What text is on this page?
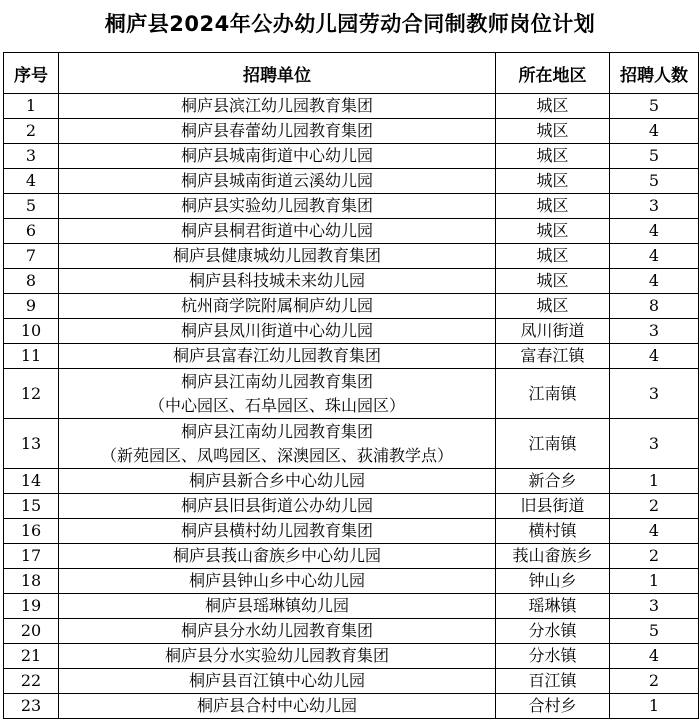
桐庐县2024年公办幼儿园劳动合同制教师岗位计划
序号	招聘单位	所在地区	招聘人数
1	桐庐县滨江幼儿园教育集团	城区	5
2	桐庐县春蕾幼儿园教育集团	城区	4
3	桐庐县城南街道中心幼儿园	城区	5
4	桐庐县城南街道云溪幼儿园	城区	5
5	桐庐县实验幼儿园教育集团	城区	3
6	桐庐县桐君街道中心幼儿园	城区	4
7	桐庐县健康城幼儿园教育集团	城区	4
8	桐庐县科技城未来幼儿园	城区	4
9	杭州商学院附属桐庐幼儿园	城区	8
10	桐庐县凤川街道中心幼儿园	凤川街道	3
11	桐庐县富春江幼儿园教育集团	富春江镇	4
12	桐庐县江南幼儿园教育集团
（中心园区、石阜园区、珠山园区）	江南镇	3
13	桐庐县江南幼儿园教育集团
（新苑园区、凤鸣园区、深澳园区、荻浦教学点）	江南镇	3
14	桐庐县新合乡中心幼儿园	新合乡	1
15	桐庐县旧县街道公办幼儿园	旧县街道	2
16	桐庐县横村幼儿园教育集团	横村镇	4
17	桐庐县莪山畲族乡中心幼儿园	莪山畲族乡	2
18	桐庐县钟山乡中心幼儿园	钟山乡	1
19	桐庐县瑶琳镇幼儿园	瑶琳镇	3
20	桐庐县分水幼儿园教育集团	分水镇	5
21	桐庐县分水实验幼儿园教育集团	分水镇	4
22	桐庐县百江镇中心幼儿园	百江镇	2
23	桐庐县合村中心幼儿园	合村乡	1
